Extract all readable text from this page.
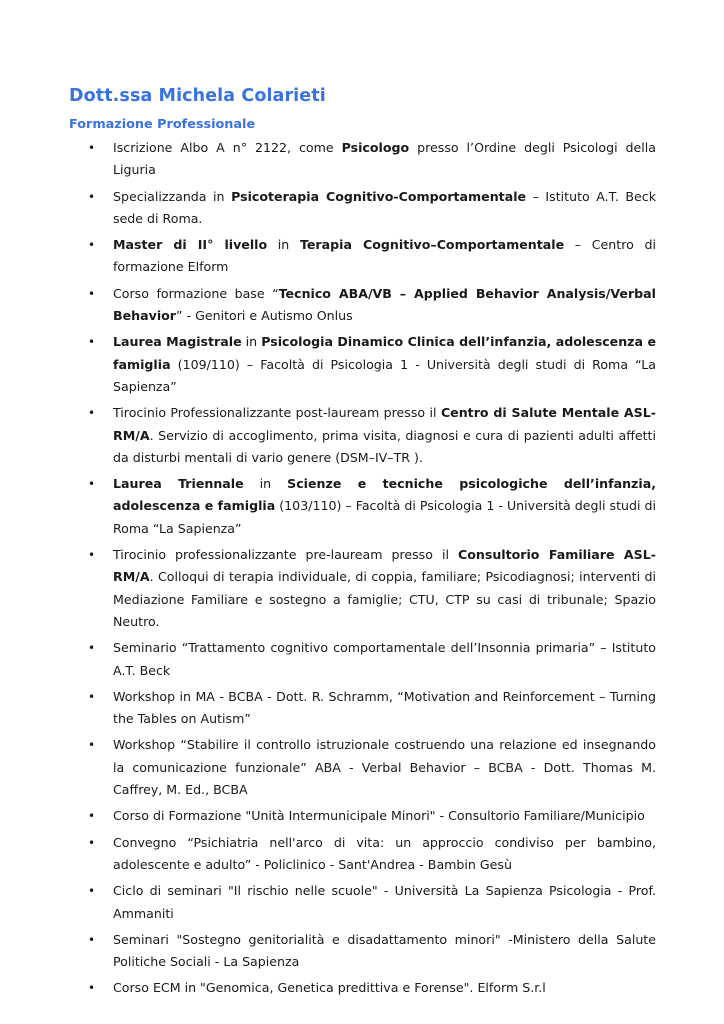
Dott.ssa Michela Colarieti
Formazione Professionale
• Iscrizione Albo A n° 2122, come Psicologo presso l’Ordine degli Psicologi della Liguria
• Specializzanda in Psicoterapia Cognitivo-Comportamentale – Istituto A.T. Beck sede di Roma.
• Master di II° livello in Terapia Cognitivo–Comportamentale – Centro di formazione Elform
• Corso formazione base “Tecnico ABA/VB – Applied Behavior Analysis/Verbal Behavior” - Genitori e Autismo Onlus
• Laurea Magistrale in Psicologia Dinamico Clinica dell’infanzia, adolescenza e famiglia (109/110) – Facoltà di Psicologia 1 - Università degli studi di Roma “La Sapienza”
• Tirocinio Professionalizzante post-lauream presso il Centro di Salute Mentale ASL-RM/A. Servizio di accoglimento, prima visita, diagnosi e cura di pazienti adulti affetti da disturbi mentali di vario genere (DSM–IV–TR ).
• Laurea Triennale in Scienze e tecniche psicologiche dell’infanzia, adolescenza e famiglia (103/110) – Facoltà di Psicologia 1 - Università degli studi di Roma “La Sapienza”
• Tirocinio professionalizzante pre-lauream presso il Consultorio Familiare ASL-RM/A. Colloqui di terapia individuale, di coppia, familiare; Psicodiagnosi; interventi di Mediazione Familiare e sostegno a famiglie; CTU, CTP su casi di tribunale; Spazio Neutro.
• Seminario “Trattamento cognitivo comportamentale dell’Insonnia primaria” – Istituto A.T. Beck
• Workshop in MA - BCBA - Dott. R. Schramm, “Motivation and Reinforcement – Turning the Tables on Autism”
• Workshop “Stabilire il controllo istruzionale costruendo una relazione ed insegnando la comunicazione funzionale” ABA - Verbal Behavior – BCBA - Dott. Thomas M. Caffrey, M. Ed., BCBA
• Corso di Formazione "Unità Intermunicipale Minori" - Consultorio Familiare/Municipio
• Convegno “Psichiatria nell'arco di vita: un approccio condiviso per bambino, adolescente e adulto” - Policlinico - Sant'Andrea - Bambin Gesù
• Ciclo di seminari "Il rischio nelle scuole" - Università La Sapienza Psicologia - Prof. Ammaniti
• Seminari "Sostegno genitorialità e disadattamento minori" -Ministero della Salute Politiche Sociali - La Sapienza
• Corso ECM in "Genomica, Genetica predittiva e Forense". Elform S.r.l
